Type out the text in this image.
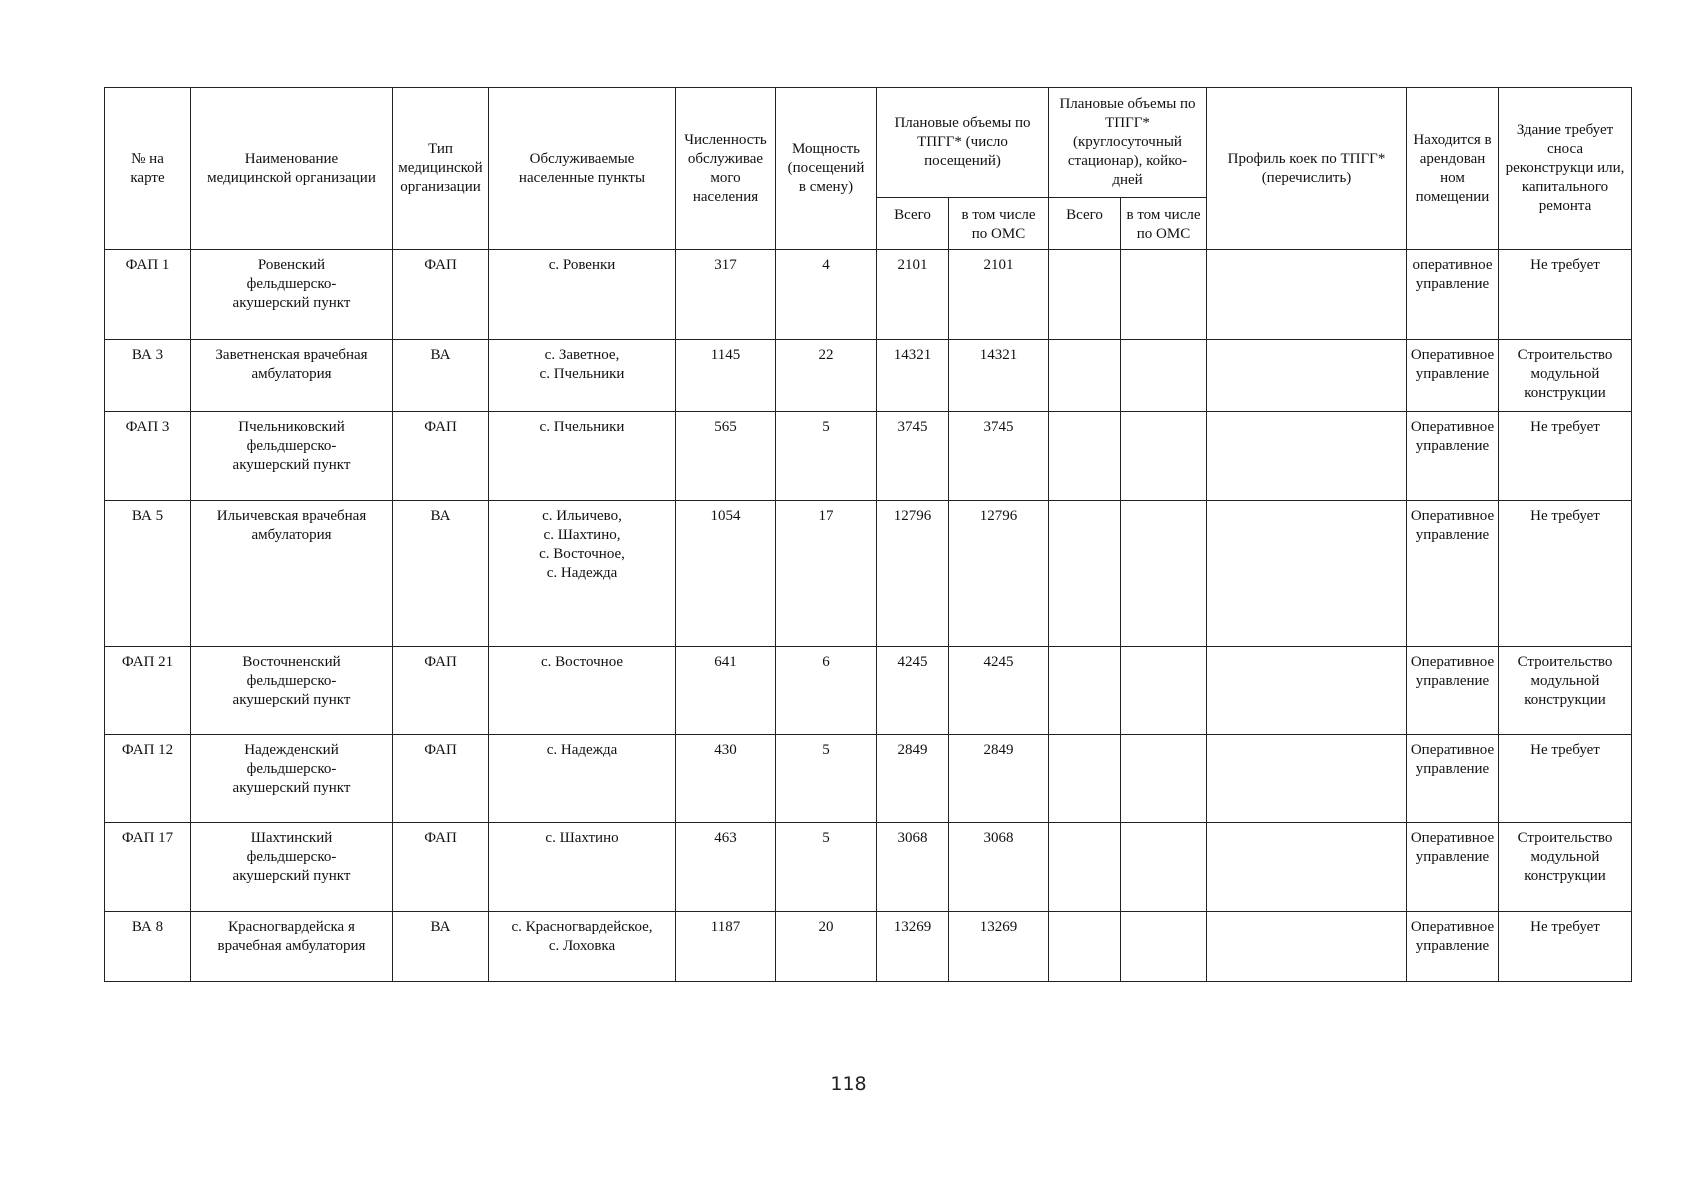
№ на
карте	Наименование
медицинской организации	Тип
медицинской
организации	Обслуживаемые
населенные пункты	Численность
обслуживае
мого
населения	Мощность
(посещений
в смену)	Плановые объемы по
ТПГГ* (число
посещений)		Плановые объемы по
ТПГГ*
(круглосуточный
стационар), койко-
дней		Профиль коек по ТПГГ*
(перечислить)	Находится в
арендован
ном
помещении	Здание требует
сноса
реконструкци или,
капитального
ремонта
						Всего	в том числе
по ОМС	Всего	в том числе
по ОМС			
ФАП 1	Ровенский
фельдшерско-
акушерский пункт	ФАП	с. Ровенки	317	4	2101	2101				оперативное
управление	Не требует
ВА 3	Заветненская врачебная
амбулатория	ВА	с. Заветное,
с. Пчельники	1145	22	14321	14321				Оперативное
управление	Строительство
модульной
конструкции
ФАП 3	Пчельниковский
фельдшерско-
акушерский пункт	ФАП	с. Пчельники	565	5	3745	3745				Оперативное
управление	Не требует
ВА 5	Ильичевская врачебная
амбулатория	ВА	с. Ильичево,
с. Шахтино,
с. Восточное,
с. Надежда	1054	17	12796	12796				Оперативное
управление	Не требует
ФАП 21	Восточненский
фельдшерско-
акушерский пункт	ФАП	с. Восточное	641	6	4245	4245				Оперативное
управление	Строительство
модульной
конструкции
ФАП 12	Надежденский
фельдшерско-
акушерский пункт	ФАП	с. Надежда	430	5	2849	2849				Оперативное
управление	Не требует
ФАП 17	Шахтинский
фельдшерско-
акушерский пункт	ФАП	с. Шахтино	463	5	3068	3068				Оперативное
управление	Строительство
модульной
конструкции
ВА 8	Красногвардейска я
врачебная амбулатория	ВА	с. Красногвардейское,
с. Лоховка	1187	20	13269	13269				Оперативное
управление	Не требует
118
